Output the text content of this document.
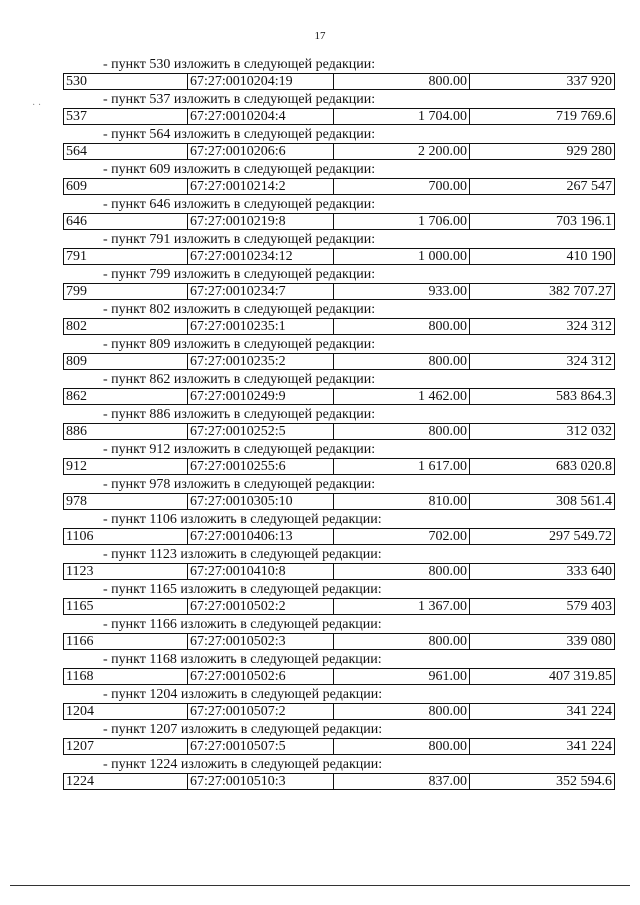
17
· ·
- пункт 530 изложить в следующей редакции:
530	67:27:0010204:19	800.00	337 920
- пункт 537 изложить в следующей редакции:
537	67:27:0010204:4	1 704.00	719 769.6
- пункт 564 изложить в следующей редакции:
564	67:27:0010206:6	2 200.00	929 280
- пункт 609 изложить в следующей редакции:
609	67:27:0010214:2	700.00	267 547
- пункт 646 изложить в следующей редакции:
646	67:27:0010219:8	1 706.00	703 196.1
- пункт 791 изложить в следующей редакции:
791	67:27:0010234:12	1 000.00	410 190
- пункт 799 изложить в следующей редакции:
799	67:27:0010234:7	933.00	382 707.27
- пункт 802 изложить в следующей редакции:
802	67:27:0010235:1	800.00	324 312
- пункт 809 изложить в следующей редакции:
809	67:27:0010235:2	800.00	324 312
- пункт 862 изложить в следующей редакции:
862	67:27:0010249:9	1 462.00	583 864.3
- пункт 886 изложить в следующей редакции:
886	67:27:0010252:5	800.00	312 032
- пункт 912 изложить в следующей редакции:
912	67:27:0010255:6	1 617.00	683 020.8
- пункт 978 изложить в следующей редакции:
978	67:27:0010305:10	810.00	308 561.4
- пункт 1106 изложить в следующей редакции:
1106	67:27:0010406:13	702.00	297 549.72
- пункт 1123 изложить в следующей редакции:
1123	67:27:0010410:8	800.00	333 640
- пункт 1165 изложить в следующей редакции:
1165	67:27:0010502:2	1 367.00	579 403
- пункт 1166 изложить в следующей редакции:
1166	67:27:0010502:3	800.00	339 080
- пункт 1168 изложить в следующей редакции:
1168	67:27:0010502:6	961.00	407 319.85
- пункт 1204 изложить в следующей редакции:
1204	67:27:0010507:2	800.00	341 224
- пункт 1207 изложить в следующей редакции:
1207	67:27:0010507:5	800.00	341 224
- пункт 1224 изложить в следующей редакции:
1224	67:27:0010510:3	837.00	352 594.6
